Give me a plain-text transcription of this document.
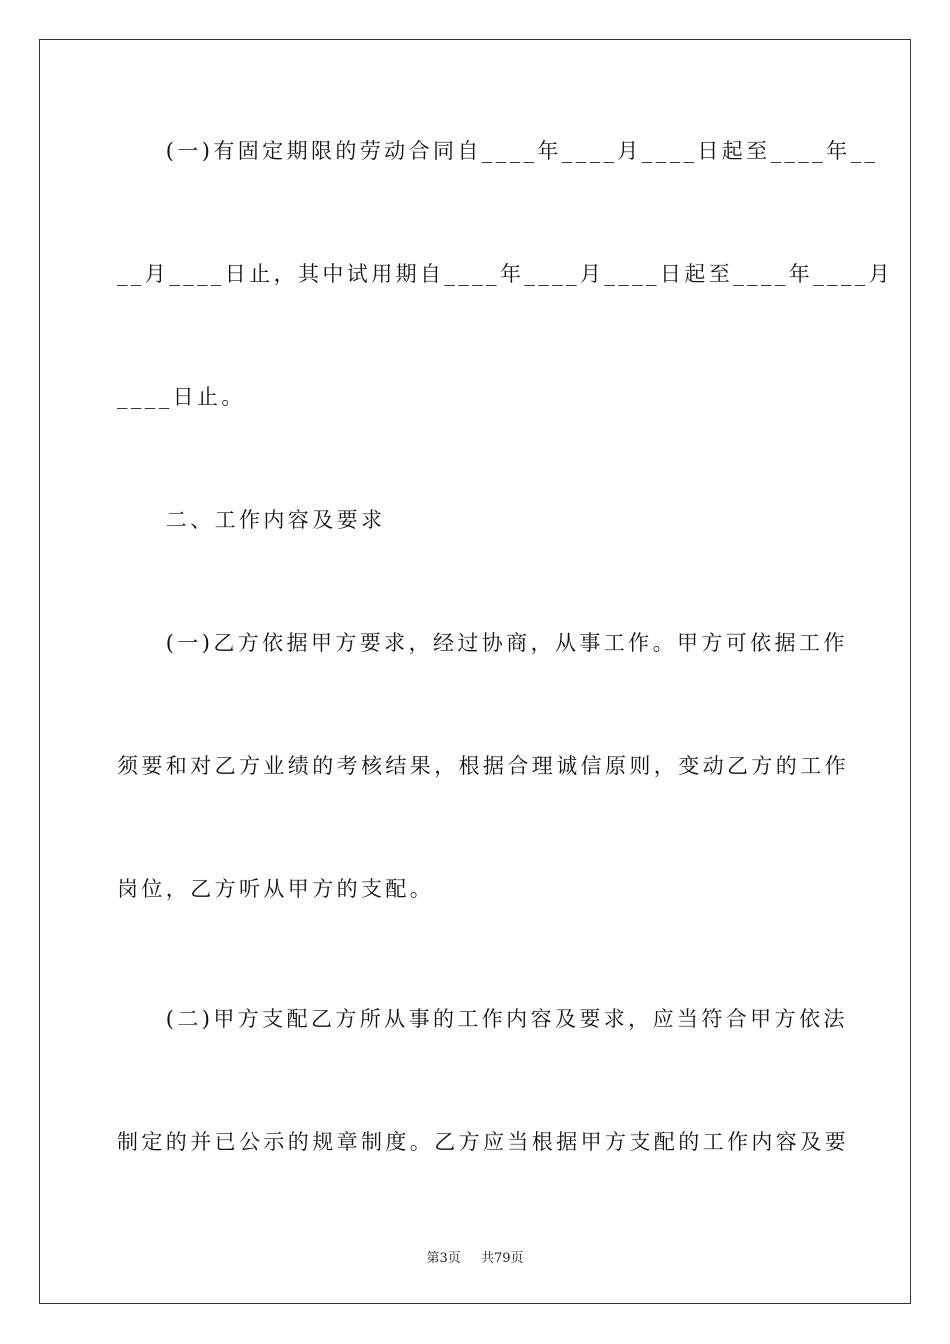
　　(一)有固定期限的劳动合同自____年____月____日起至____年__

__月____日止，其中试用期自____年____月____日起至____年____月

____日止。

　　二、工作内容及要求

　　(一)乙方依据甲方要求，经过协商，从事工作。甲方可依据工作

须要和对乙方业绩的考核结果，根据合理诚信原则，变动乙方的工作

岗位，乙方听从甲方的支配。

　　(二)甲方支配乙方所从事的工作内容及要求，应当符合甲方依法

制定的并已公示的规章制度。乙方应当根据甲方支配的工作内容及要

第3页 共79页
